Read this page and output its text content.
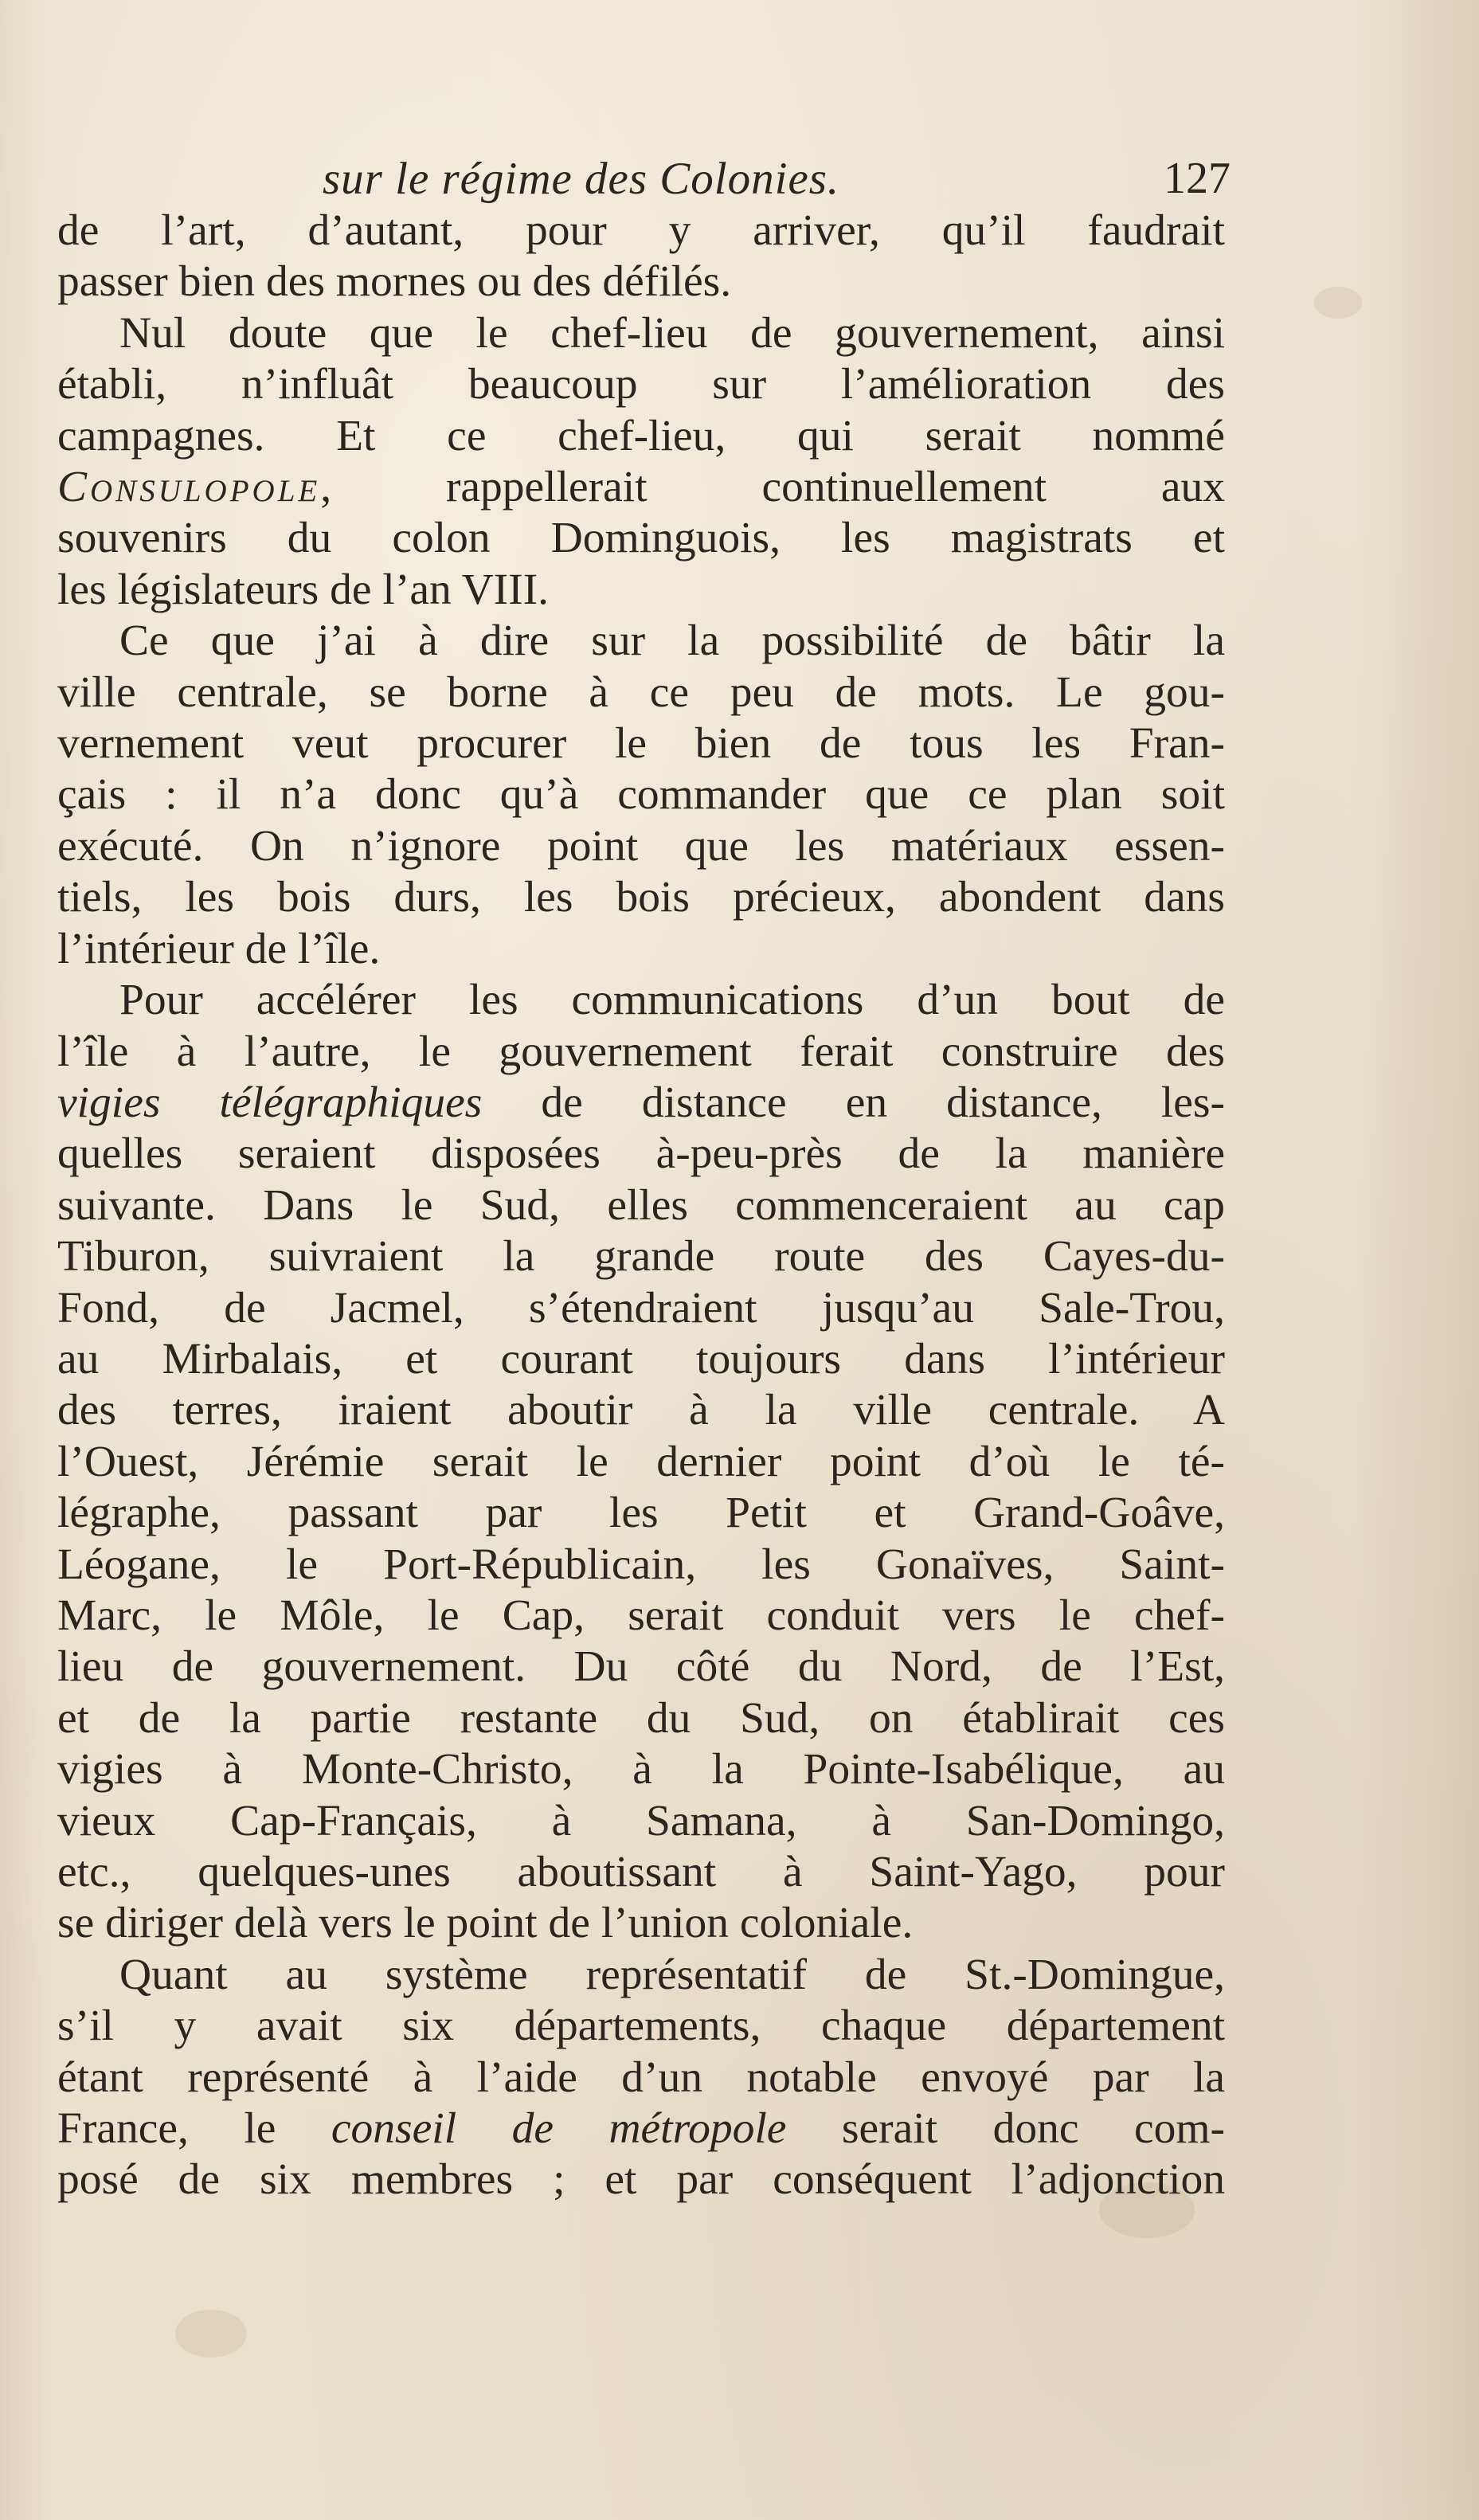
sur le régime des Colonies.	127
de l’art, d’autant, pour y arriver, qu’il faudrait
passer bien des mornes ou des défilés.
Nul doute que le chef-lieu de gouvernement, ainsi
établi, n’influât beaucoup sur l’amélioration des
campagnes. Et ce chef-lieu, qui serait nommé
Consulopole, rappellerait continuellement aux
souvenirs du colon Dominguois, les magistrats et
les législateurs de l’an VIII.
Ce que j’ai à dire sur la possibilité de bâtir la
ville centrale, se borne à ce peu de mots. Le gou-
vernement veut procurer le bien de tous les Fran-
çais : il n’a donc qu’à commander que ce plan soit
exécuté. On n’ignore point que les matériaux essen-
tiels, les bois durs, les bois précieux, abondent dans
l’intérieur de l’île.
Pour accélérer les communications d’un bout de
l’île à l’autre, le gouvernement ferait construire des
vigies télégraphiques de distance en distance, les-
quelles seraient disposées à-peu-près de la manière
suivante. Dans le Sud, elles commenceraient au cap
Tiburon, suivraient la grande route des Cayes-du-
Fond, de Jacmel, s’étendraient jusqu’au Sale-Trou,
au Mirbalais, et courant toujours dans l’intérieur
des terres, iraient aboutir à la ville centrale. A
l’Ouest, Jérémie serait le dernier point d’où le té-
légraphe, passant par les Petit et Grand-Goâve,
Léogane, le Port-Républicain, les Gonaïves, Saint-
Marc, le Môle, le Cap, serait conduit vers le chef-
lieu de gouvernement. Du côté du Nord, de l’Est,
et de la partie restante du Sud, on établirait ces
vigies à Monte-Christo, à la Pointe-Isabélique, au
vieux Cap-Français, à Samana, à San-Domingo,
etc., quelques-unes aboutissant à Saint-Yago, pour
se diriger delà vers le point de l’union coloniale.
Quant au système représentatif de St.-Domingue,
s’il y avait six départements, chaque département
étant représenté à l’aide d’un notable envoyé par la
France, le conseil de métropole serait donc com-
posé de six membres ; et par conséquent l’adjonction
